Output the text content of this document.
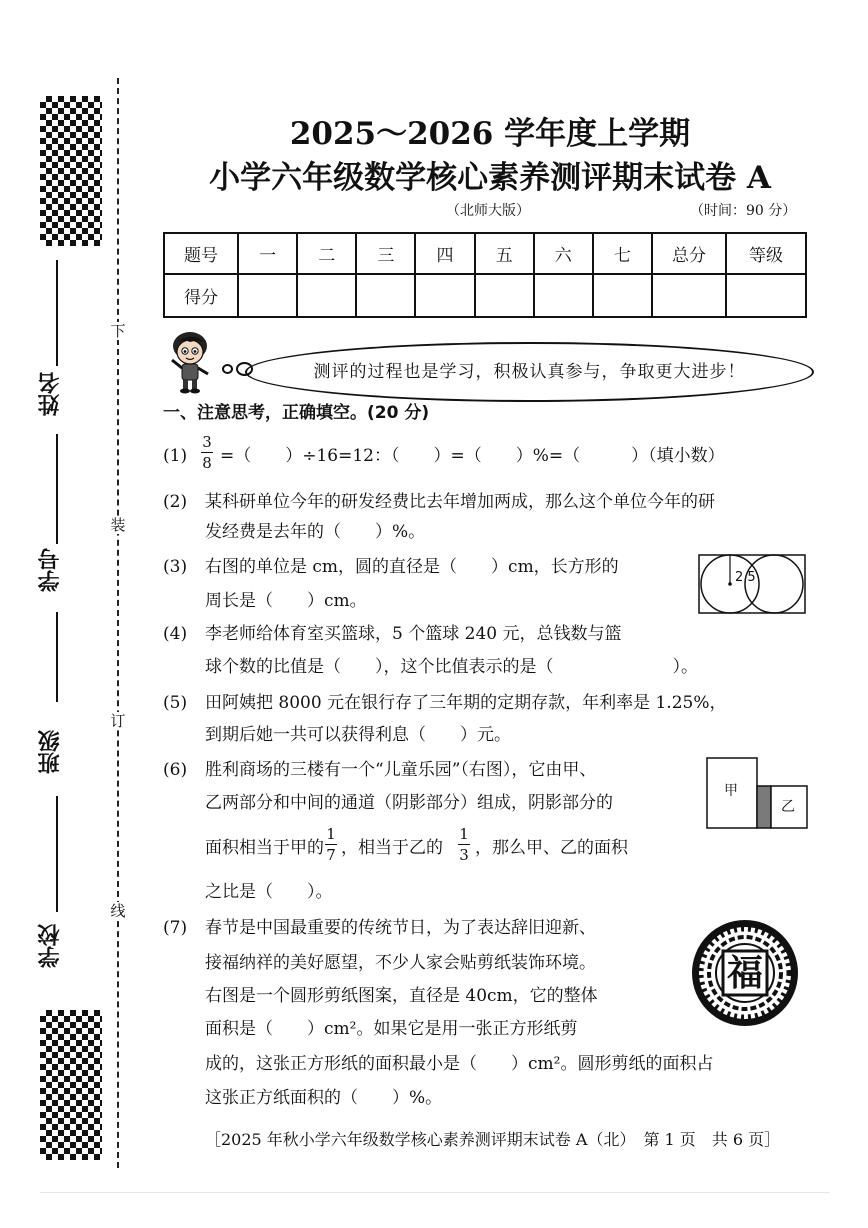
姓名
学号
班级
学校
下
装
订
线
2025～2026 学年度上学期
小学六年级数学核心素养测评期末试卷 A
（北师大版）	（时间：90 分）
题号	一	二	三	四	五	六	七	总分	等级
得分									
测评的过程也是学习，积极认真参与，争取更大进步！
一、注意思考，正确填空。(20 分)
(1)
3
8 =（　　）÷16=12：（　　）=（　　）%=（　　　）（填小数）
(2) 某科研单位今年的研发经费比去年增加两成，那么这个单位今年的研
发经费是去年的（　　）%。
(3) 右图的单位是 cm，圆的直径是（　　）cm，长方形的
周长是（　　）cm。
2.5
(4) 李老师给体育室买篮球，5 个篮球 240 元，总钱数与篮
球个数的比值是（　　），这个比值表示的是（　　　　　　　）。
(5) 田阿姨把 8000 元在银行存了三年期的定期存款，年利率是 1.25%，
到期后她一共可以获得利息（　　）元。
(6) 胜利商场的三楼有一个“儿童乐园”（右图），它由甲、
乙两部分和中间的通道（阴影部分）组成，阴影部分的
面积相当于甲的
1
7 ，相当于乙的
1
3 ，那么甲、乙的面积
之比是（　　）。
甲
乙
(7) 春节是中国最重要的传统节日，为了表达辞旧迎新、
接福纳祥的美好愿望，不少人家会贴剪纸装饰环境。
右图是一个圆形剪纸图案，直径是 40cm，它的整体
面积是（　　）cm²。如果它是用一张正方形纸剪
成的，这张正方形纸的面积最小是（　　）cm²。圆形剪纸的面积占
这张正方纸面积的（　　）%。
福
［2025 年秋小学六年级数学核心素养测评期末试卷 A（北）　第 1 页　共 6 页］
